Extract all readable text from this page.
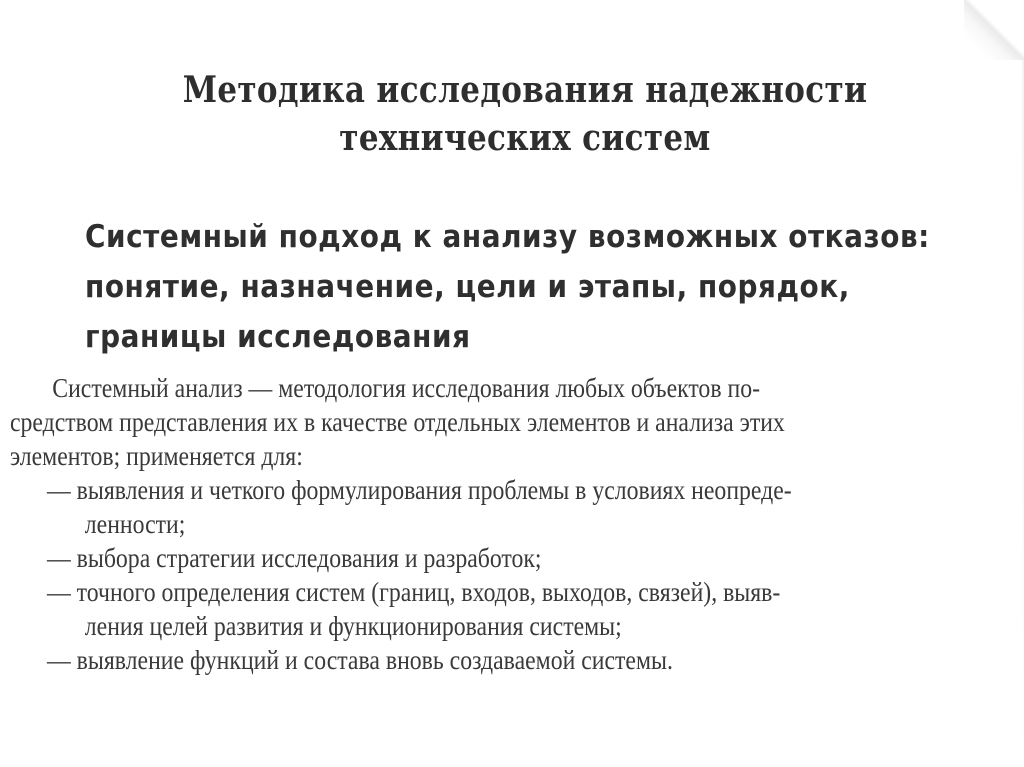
Методика исследования надежности
технических систем
Системный подход к анализу возможных отказов:
понятие, назначение, цели и этапы, порядок,
границы исследования
Системный анализ — методология исследования любых объектов по-
средством представления их в качестве отдельных элементов и анализа этих
элементов; применяется для:
— выявления и четкого формулирования проблемы в условиях неопреде-
ленности;
— выбора стратегии исследования и разработок;
— точного определения систем (границ, входов, выходов, связей), выяв-
ления целей развития и функционирования системы;
— выявление функций и состава вновь создаваемой системы.
